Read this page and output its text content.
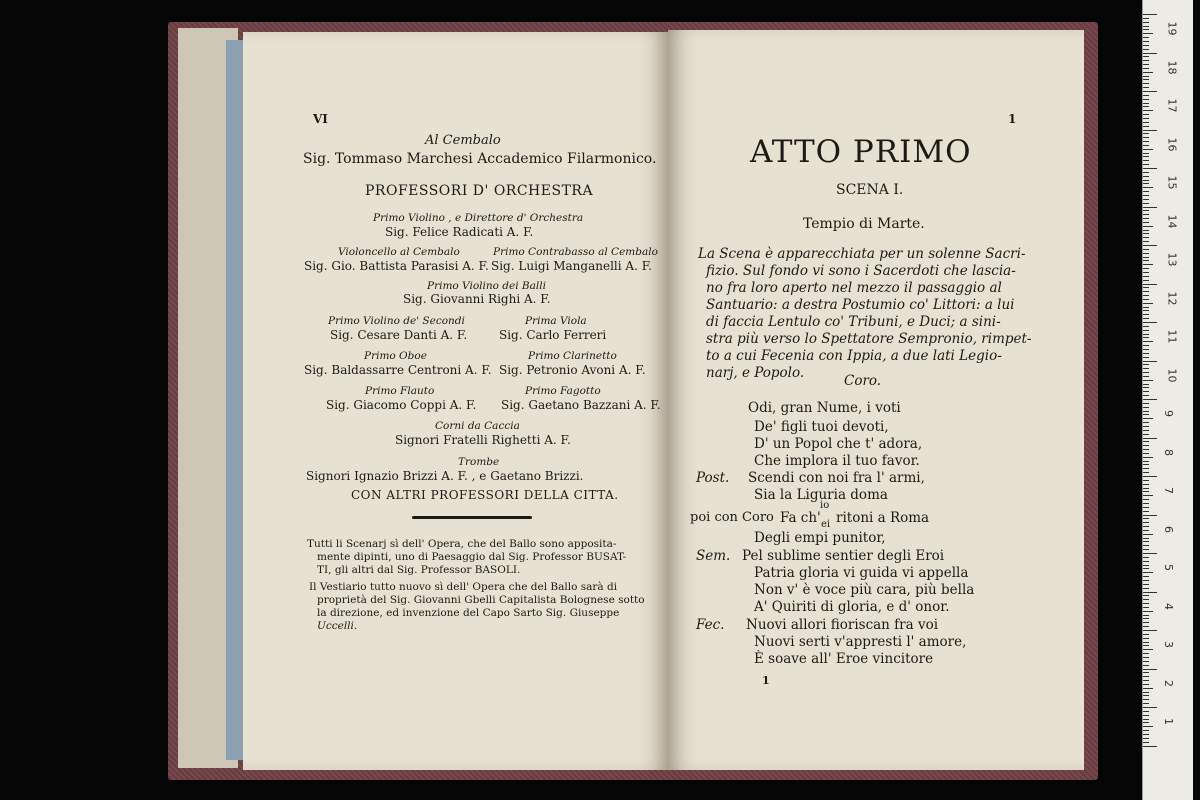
VI
Al Cembalo
Sig. Tommaso Marchesi Accademico Filarmonico.
PROFESSORI D' ORCHESTRA
Primo Violino , e Direttore d' Orchestra
Sig. Felice Radicati A. F.
Violoncello al Cembalo
Sig. Gio. Battista Parasisi A. F.
Primo Contrabasso al Cembalo
Sig. Luigi Manganelli A. F.
Primo Violino dei Balli
Sig. Giovanni Righi A. F.
Primo Violino de' Secondi
Sig. Cesare Danti A. F.
Prima Viola
Sig. Carlo Ferreri
Primo Oboe
Sig. Baldassarre Centroni A. F.
Primo Clarinetto
Sig. Petronio Avoni A. F.
Primo Flauto
Sig. Giacomo Coppi A. F.
Primo Fagotto
Sig. Gaetano Bazzani A. F.
Corni da Caccia
Signori Fratelli Righetti A. F.
Trombe
Signori Ignazio Brizzi A. F. , e Gaetano Brizzi.
CON ALTRI PROFESSORI DELLA CITTA.
Tutti li Scenarj sì dell' Opera, che del Ballo sono apposita-
mente dipinti, uno di Paesaggio dal Sig. Professor BUSAT-
TI, gli altri dal Sig. Professor BASOLI.
Il Vestiario tutto nuovo sì dell' Opera che del Ballo sarà di
proprietà del Sig. Giovanni Gbelli Capitalista Bolognese sotto
la direzione, ed invenzione del Capo Sarto Sig. Giuseppe
Uccelli.
1
ATTO PRIMO
SCENA I.
Tempio di Marte.
La Scena è apparecchiata per un solenne Sacri-
fizio. Sul fondo vi sono i Sacerdoti che lascia-
no fra loro aperto nel mezzo il passaggio al
Santuario: a destra Postumio co' Littori: a lui
di faccia Lentulo co' Tribuni, e Duci; a sini-
stra più verso lo Spettatore Sempronio, rimpet-
to a cui Fecenia con Ippia, a due lati Legio-
narj, e Popolo.	Coro.
Odi, gran Nume, i voti
De' figli tuoi devoti,
D' un Popol che t' adora,
Che implora il tuo favor.
Post. Scendi con noi fra l' armi,
Sia la Liguria doma
poi con Coro Fa ch'
io
ei ritoni a Roma
Degli empi punitor,
Sem. Pel sublime sentier degli Eroi
Patria gloria vi guida vi appella
Non v' è voce più cara, più bella
A' Quiriti di gloria, e d' onor.
Fec. Nuovi allori fioriscan fra voi
Nuovi serti v'appresti l' amore,
È soave all' Eroe vincitore
1
19
18
17
16
15
14
13
12
11
10
9
8
7
6
5
4
3
2
1
